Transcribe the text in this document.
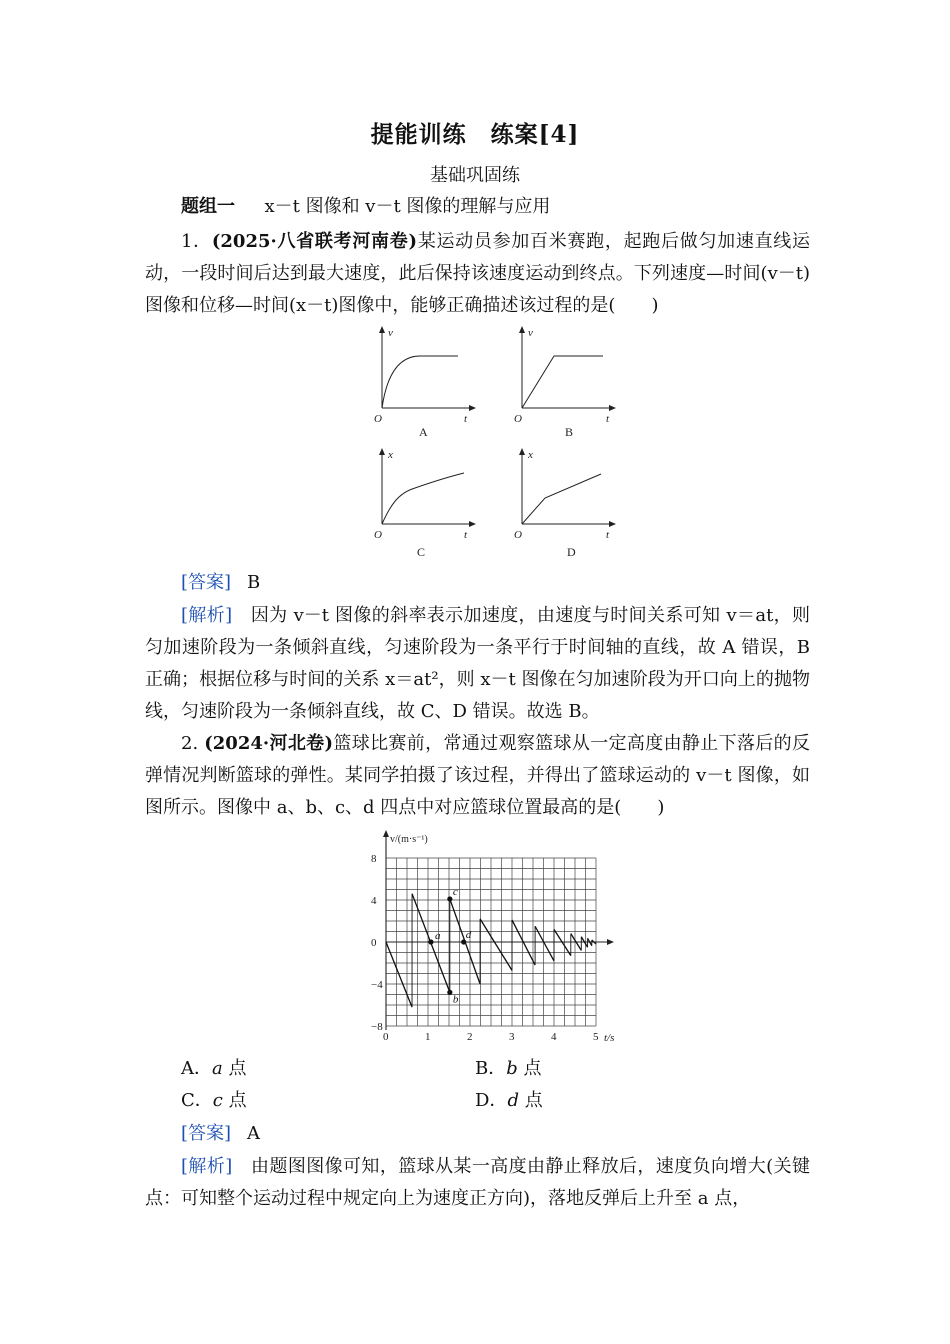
提能训练　练案[4]
基础巩固练
题组一 x－t 图像和 v－t 图像的理解与应用
1．(2025·八省联考河南卷)某运动员参加百米赛跑，起跑后做匀加速直线运动，一段时间后达到最大速度，此后保持该速度运动到终点。下列速度—时间(v－t)图像和位移—时间(x－t)图像中，能够正确描述该过程的是(　　)
v
t
O
v
t
O
x
t
O
x
t
O
A	B
C	D
[答案] B
[解析]　 因为 v－t 图像的斜率表示加速度，由速度与时间关系可知 v＝at，则匀加速阶段为一条倾斜直线，匀速阶段为一条平行于时间轴的直线，故 A 错误，B 正确；根据位移与时间的关系 x＝at²，则 x－t 图像在匀加速阶段为开口向上的抛物线，匀速阶段为一条倾斜直线，故 C、D 错误。故选 B。
2. (2024·河北卷)篮球比赛前，常通过观察篮球从一定高度由静止下落后的反弹情况判断篮球的弹性。某同学拍摄了该过程，并得出了篮球运动的 v－t 图像，如图所示。图像中 a、b、c、d 四点中对应篮球位置最高的是(　　)
0	1	2	3	4	5
8
4
0
−4
−8
a
b
c
d
v/(m·s⁻¹)
t/s
A．a 点	B．b 点
C．c 点	D．d 点
[答案] A
[解析]　 由题图图像可知，篮球从某一高度由静止释放后，速度负向增大(关键点：可知整个运动过程中规定向上为速度正方向)，落地反弹后上升至 a 点，
